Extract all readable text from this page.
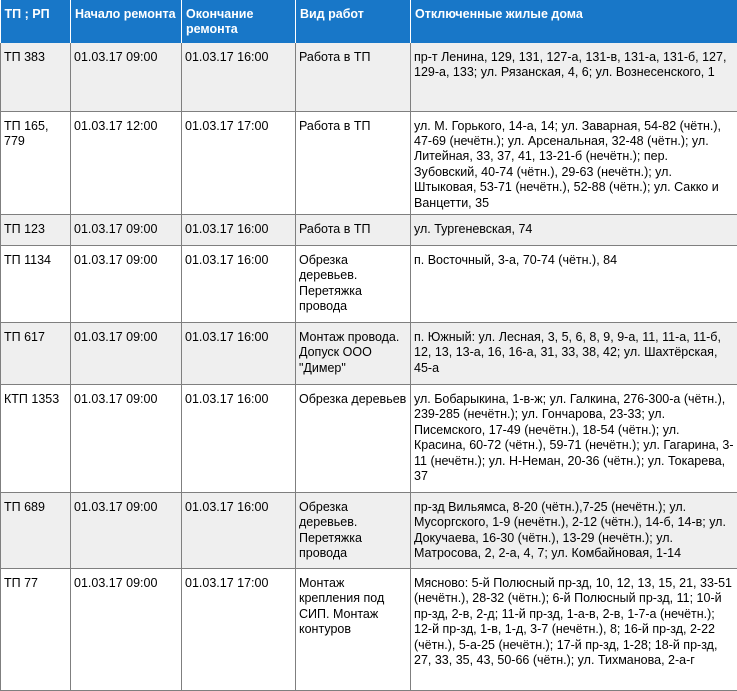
ТП ; РП	Начало ремонта	Окончание ремонта	Вид работ	Отключенные жилые дома
ТП 383	01.03.17 09:00	01.03.17 16:00	Работа в ТП	пр-т Ленина, 129, 131, 127-а, 131-в, 131-а, 131-б, 127, 129-а, 133; ул. Рязанская, 4, 6; ул. Вознесенского, 1
ТП 165, 779	01.03.17 12:00	01.03.17 17:00	Работа в ТП	ул. М. Горького, 14-а, 14; ул. Заварная, 54-82 (чётн.), 47-69 (нечётн.); ул. Арсенальная, 32-48 (чётн.); ул. Литейная, 33, 37, 41, 13-21-б (нечётн.); пер. Зубовский, 40-74 (чётн.), 29-63 (нечётн.); ул. Штыковая, 53-71 (нечётн.), 52-88 (чётн.); ул. Сакко и Ванцетти, 35
ТП 123	01.03.17 09:00	01.03.17 16:00	Работа в ТП	ул. Тургеневская, 74
ТП 1134	01.03.17 09:00	01.03.17 16:00	Обрезка деревьев. Перетяжка провода	п. Восточный, 3-а, 70-74 (чётн.), 84
ТП 617	01.03.17 09:00	01.03.17 16:00	Монтаж провода. Допуск ООО "Димер"	п. Южный: ул. Лесная, 3, 5, 6, 8, 9, 9-а, 11, 11-а, 11-б, 12, 13, 13-а, 16, 16-а, 31, 33, 38, 42; ул. Шахтёрская, 45-а
КТП 1353	01.03.17 09:00	01.03.17 16:00	Обрезка деревьев	ул. Бобарыкина, 1-в-ж; ул. Галкина, 276-300-а (чётн.), 239-285 (нечётн.); ул. Гончарова, 23-33; ул. Писемского, 17-49 (нечётн.), 18-54 (чётн.); ул. Красина, 60-72 (чётн.), 59-71 (нечётн.); ул. Гагарина, 3-11 (нечётн.); ул. Н-Неман, 20-36 (чётн.); ул. Токарева, 37
ТП 689	01.03.17 09:00	01.03.17 16:00	Обрезка деревьев. Перетяжка провода	пр-зд Вильямса, 8-20 (чётн.),7-25 (нечётн.); ул. Мусоргского, 1-9 (нечётн.), 2-12 (чётн.), 14-б, 14-в; ул. Докучаева, 16-30 (чётн.), 13-29 (нечётн.); ул. Матросова, 2, 2-а, 4, 7; ул. Комбайновая, 1-14
ТП 77	01.03.17 09:00	01.03.17 17:00	Монтаж крепления под СИП. Монтаж контуров	Мясново: 5-й Полюсный пр-зд, 10, 12, 13, 15, 21, 33-51 (нечётн.), 28-32 (чётн.); 6-й Полюсный пр-зд, 11; 10-й пр-зд, 2-в, 2-д; 11-й пр-зд, 1-а-в, 2-в, 1-7-а (нечётн.); 12-й пр-зд, 1-в, 1-д, 3-7 (нечётн.), 8; 16-й пр-зд, 2-22 (чётн.), 5-а-25 (нечётн.); 17-й пр-зд, 1-28; 18-й пр-зд, 27, 33, 35, 43, 50-66 (чётн.); ул. Тихманова, 2-а-г
